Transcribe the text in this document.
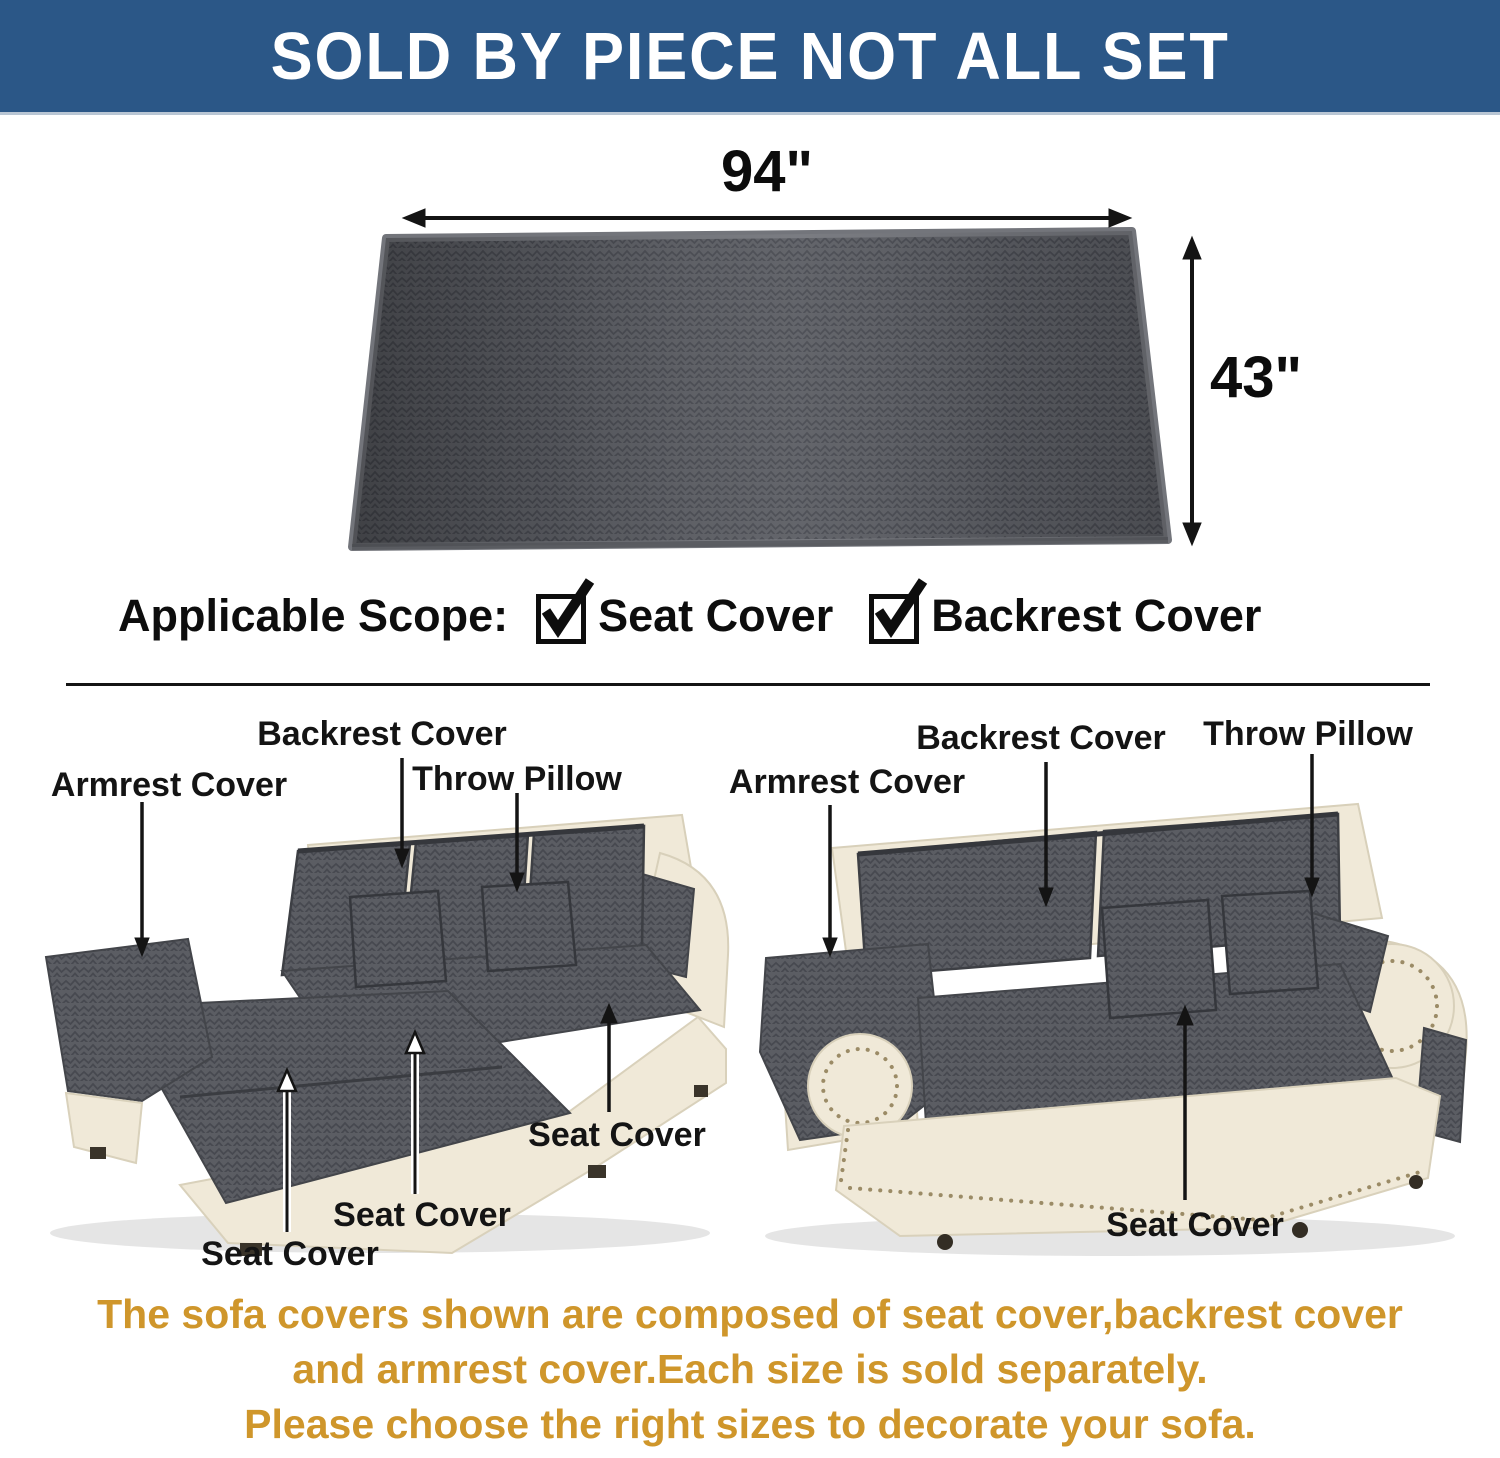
SOLD BY PIECE NOT ALL SET
94"
43"
Applicable Scope: Seat Cover Backrest Cover
Armrest Cover
Backrest Cover
Throw Pillow
Seat Cover
Seat Cover
Seat Cover
Armrest Cover
Backrest Cover Throw Pillow
Seat Cover

The sofa covers shown are composed of seat cover,backrest cover

and armrest cover.Each size is sold separately.

Please choose the right sizes to decorate your sofa.
